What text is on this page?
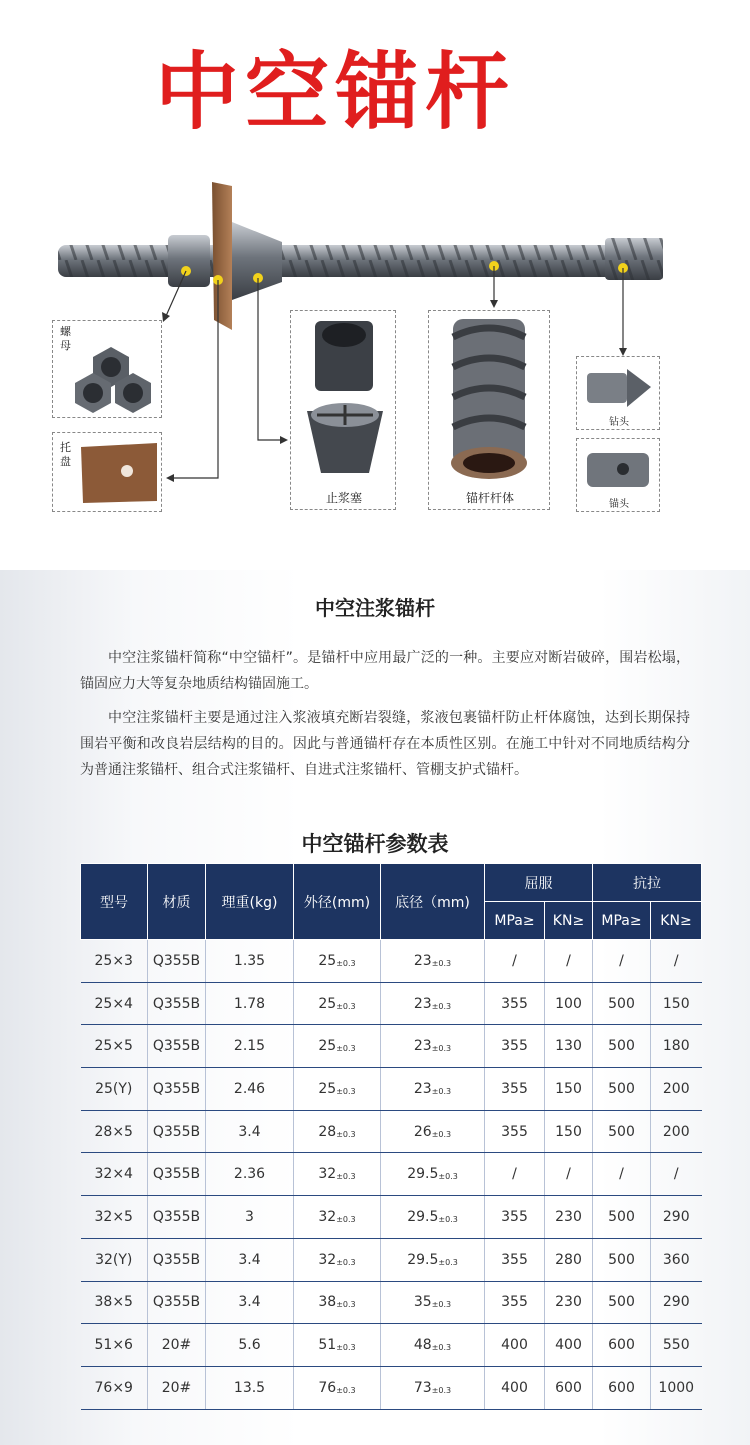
中空锚杆
螺母
托盘
止浆塞	锚杆杆体
钻头
锚头
中空注浆锚杆

中空注浆锚杆简称“中空锚杆”。是锚杆中应用最广泛的一种。主要应对断岩破碎，围岩松塌，锚固应力大等复杂地质结构锚固施工。

中空注浆锚杆主要是通过注入浆液填充断岩裂缝，浆液包裹锚杆防止杆体腐蚀，达到长期保持围岩平衡和改良岩层结构的目的。因此与普通锚杆存在本质性区别。在施工中针对不同地质结构分为普通注浆锚杆、组合式注浆锚杆、自进式注浆锚杆、管棚支护式锚杆。

中空锚杆参数表
型号	材质	理重(kg)	外径(mm)	底径（mm)	屈服		抗拉	
					MPa≥	KN≥	MPa≥	KN≥
25×3	Q355B	1.35	$25_{\pm 0.3}$	$23_{\pm 0.3}$	/	/	/	/
25×4	Q355B	1.78	$25_{\pm 0.3}$	$23_{\pm 0.3}$	355	100	500	150
25×5	Q355B	2.15	$25_{\pm 0.3}$	$23_{\pm 0.3}$	355	130	500	180
25(Y)	Q355B	2.46	$25_{\pm 0.3}$	$23_{\pm 0.3}$	355	150	500	200
28×5	Q355B	3.4	$28_{\pm 0.3}$	$26_{\pm 0.3}$	355	150	500	200
32×4	Q355B	2.36	$32_{\pm 0.3}$	$29.5_{\pm 0.3}$	/	/	/	/
32×5	Q355B	3	$32_{\pm 0.3}$	$29.5_{\pm 0.3}$	355	230	500	290
32(Y)	Q355B	3.4	$32_{\pm 0.3}$	$29.5_{\pm 0.3}$	355	280	500	360
38×5	Q355B	3.4	$38_{\pm 0.3}$	$35_{\pm 0.3}$	355	230	500	290
51×6	20#	5.6	$51_{\pm 0.3}$	$48_{\pm 0.3}$	400	400	600	550
76×9	20#	13.5	$76_{\pm 0.3}$	$73_{\pm 0.3}$	400	600	600	1000
